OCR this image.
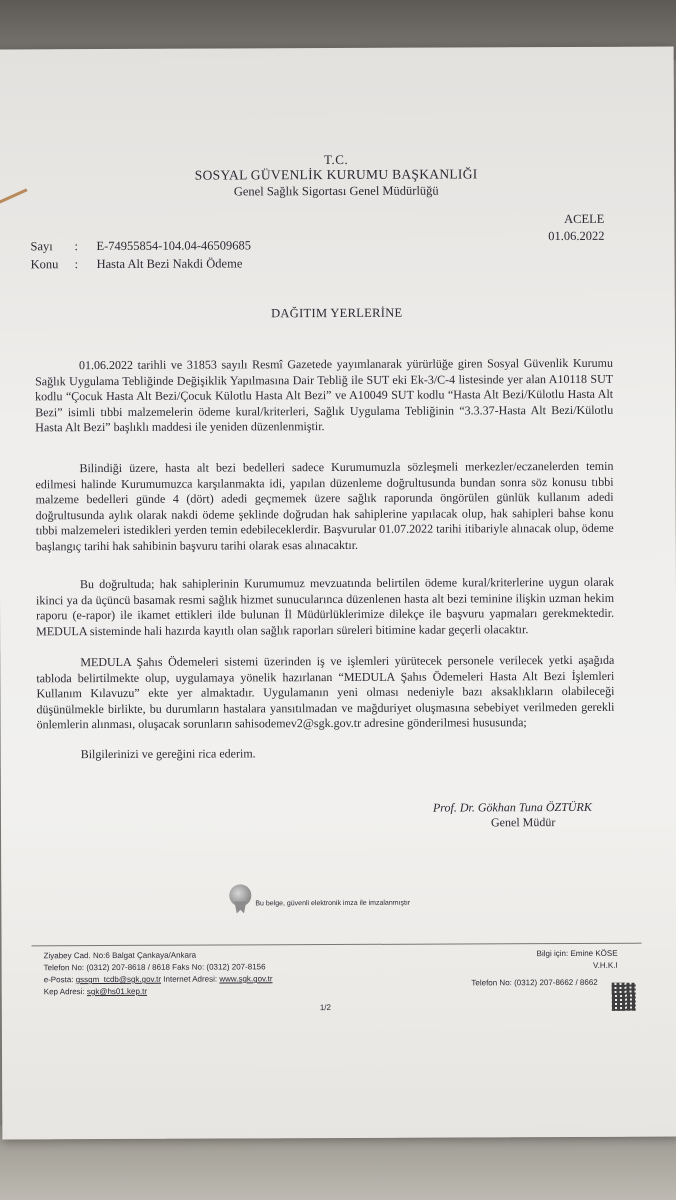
T.C.
SOSYAL GÜVENLİK KURUMU BAŞKANLIĞI
Genel Sağlık Sigortası Genel Müdürlüğü
ACELE
01.06.2022
Sayı : E-74955854-104.04-46509685
Konu : Hasta Alt Bezi Nakdi Ödeme
DAĞITIM YERLERİNE

01.06.2022 tarihli ve 31853 sayılı Resmî Gazetede yayımlanarak yürürlüğe giren Sosyal Güvenlik Kurumu Sağlık Uygulama Tebliğinde Değişiklik Yapılmasına Dair Tebliğ ile SUT eki Ek-3/C-4 listesinde yer alan A10118 SUT kodlu “Çocuk Hasta Alt Bezi/Çocuk Külotlu Hasta Alt Bezi” ve A10049 SUT kodlu “Hasta Alt Bezi/Külotlu Hasta Alt Bezi” isimli tıbbi malzemelerin ödeme kural/kriterleri, Sağlık Uygulama Tebliğinin “3.3.37-Hasta Alt Bezi/Külotlu Hasta Alt Bezi” başlıklı maddesi ile yeniden düzenlenmiştir.

Bilindiği üzere, hasta alt bezi bedelleri sadece Kurumumuzla sözleşmeli merkezler/eczanelerden temin edilmesi halinde Kurumumuzca karşılanmakta idi, yapılan düzenleme doğrultusunda bundan sonra söz konusu tıbbi malzeme bedelleri günde 4 (dört) adedi geçmemek üzere sağlık raporunda öngörülen günlük kullanım adedi doğrultusunda aylık olarak nakdi ödeme şeklinde doğrudan hak sahiplerine yapılacak olup, hak sahipleri bahse konu tıbbi malzemeleri istedikleri yerden temin edebileceklerdir. Başvurular 01.07.2022 tarihi itibariyle alınacak olup, ödeme başlangıç tarihi hak sahibinin başvuru tarihi olarak esas alınacaktır.

Bu doğrultuda; hak sahiplerinin Kurumumuz mevzuatında belirtilen ödeme kural/kriterlerine uygun olarak ikinci ya da üçüncü basamak resmi sağlık hizmet sunucularınca düzenlenen hasta alt bezi teminine ilişkin uzman hekim raporu (e-rapor) ile ikamet ettikleri ilde bulunan İl Müdürlüklerimize dilekçe ile başvuru yapmaları gerekmektedir. MEDULA sisteminde hali hazırda kayıtlı olan sağlık raporları süreleri bitimine kadar geçerli olacaktır.

MEDULA Şahıs Ödemeleri sistemi üzerinden iş ve işlemleri yürütecek personele verilecek yetki aşağıda tabloda belirtilmekte olup, uygulamaya yönelik hazırlanan “MEDULA Şahıs Ödemeleri Hasta Alt Bezi İşlemleri Kullanım Kılavuzu” ekte yer almaktadır. Uygulamanın yeni olması nedeniyle bazı aksaklıkların olabileceği düşünülmekle birlikte, bu durumların hastalara yansıtılmadan ve mağduriyet oluşmasına sebebiyet verilmeden gerekli önlemlerin alınması, oluşacak sorunların sahisodemev2@sgk.gov.tr adresine gönderilmesi hususunda;

Bilgilerinizi ve gereğini rica ederim.

Prof. Dr. Gökhan Tuna ÖZTÜRK
Genel Müdür
Bu belge, güvenli elektronik imza ile imzalanmıştır
Ziyabey Cad. No:6 Balgat Çankaya/Ankara
Telefon No: (0312) 207-8618 / 8618 Faks No: (0312) 207-8156
e-Posta: gssgm_tcdb@sgk.gov.tr Internet Adresi: www.sgk.gov.tr
Kep Adresi: sgk@hs01.kep.tr
Bilgi için: Emine KÖSE
V.H.K.I
Telefon No: (0312) 207-8662 / 8662
1/2
